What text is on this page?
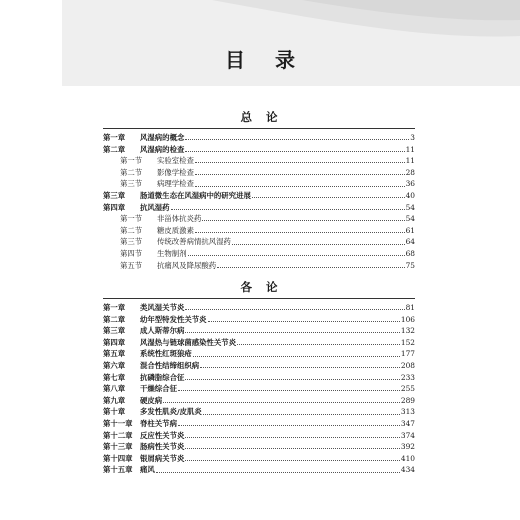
目 录
总 论
第一章	风湿病的概念	3
第二章	风湿病的检查	11
第一节	实验室检查	11
第二节	影像学检查	28
第三节	病理学检查	36
第三章	肠道微生态在风湿病中的研究进展	40
第四章	抗风湿药	54
第一节	非甾体抗炎药	54
第二节	糖皮质激素	61
第三节	传统改善病情抗风湿药	64
第四节	生物制剂	68
第五节	抗痛风及降尿酸药	75
各 论
第一章	类风湿关节炎	81
第二章	幼年型特发性关节炎	106
第三章	成人斯蒂尔病	132
第四章	风湿热与链球菌感染性关节炎	152
第五章	系统性红斑狼疮	177
第六章	混合性结缔组织病	208
第七章	抗磷脂综合征	233
第八章	干燥综合征	255
第九章	硬皮病	289
第十章	多发性肌炎/皮肌炎	313
第十一章	脊柱关节病	347
第十二章	反应性关节炎	374
第十三章	肠病性关节炎	392
第十四章	银屑病关节炎	410
第十五章	痛风	434
